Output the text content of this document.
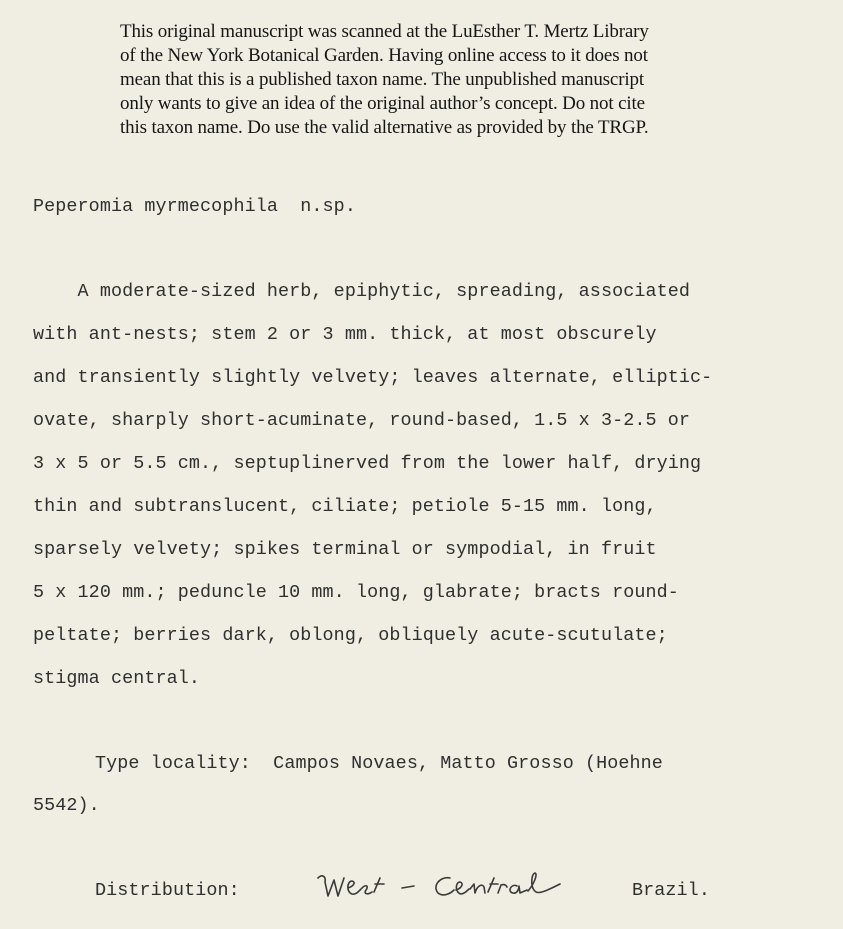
This original manuscript was scanned at the LuEsther T. Mertz Library
of the New York Botanical Garden. Having online access to it does not
mean that this is a published taxon name. The unpublished manuscript
only wants to give an idea of the original author’s concept. Do not cite
this taxon name. Do use the valid alternative as provided by the TRGP.
Peperomia myrmecophila  n.sp.
A moderate-sized herb, epiphytic, spreading, associated
with ant-nests; stem 2 or 3 mm. thick, at most obscurely
and transiently slightly velvety; leaves alternate, elliptic-
ovate, sharply short-acuminate, round-based, 1.5 x 3-2.5 or
3 x 5 or 5.5 cm., septuplinerved from the lower half, drying
thin and subtranslucent, ciliate; petiole 5-15 mm. long,
sparsely velvety; spikes terminal or sympodial, in fruit
5 x 120 mm.; peduncle 10 mm. long, glabrate; bracts round-
peltate; berries dark, oblong, obliquely acute-scutulate;
stigma central.
Type locality:  Campos Novaes, Matto Grosso (Hoehne
5542).
Distribution:	Brazil.
